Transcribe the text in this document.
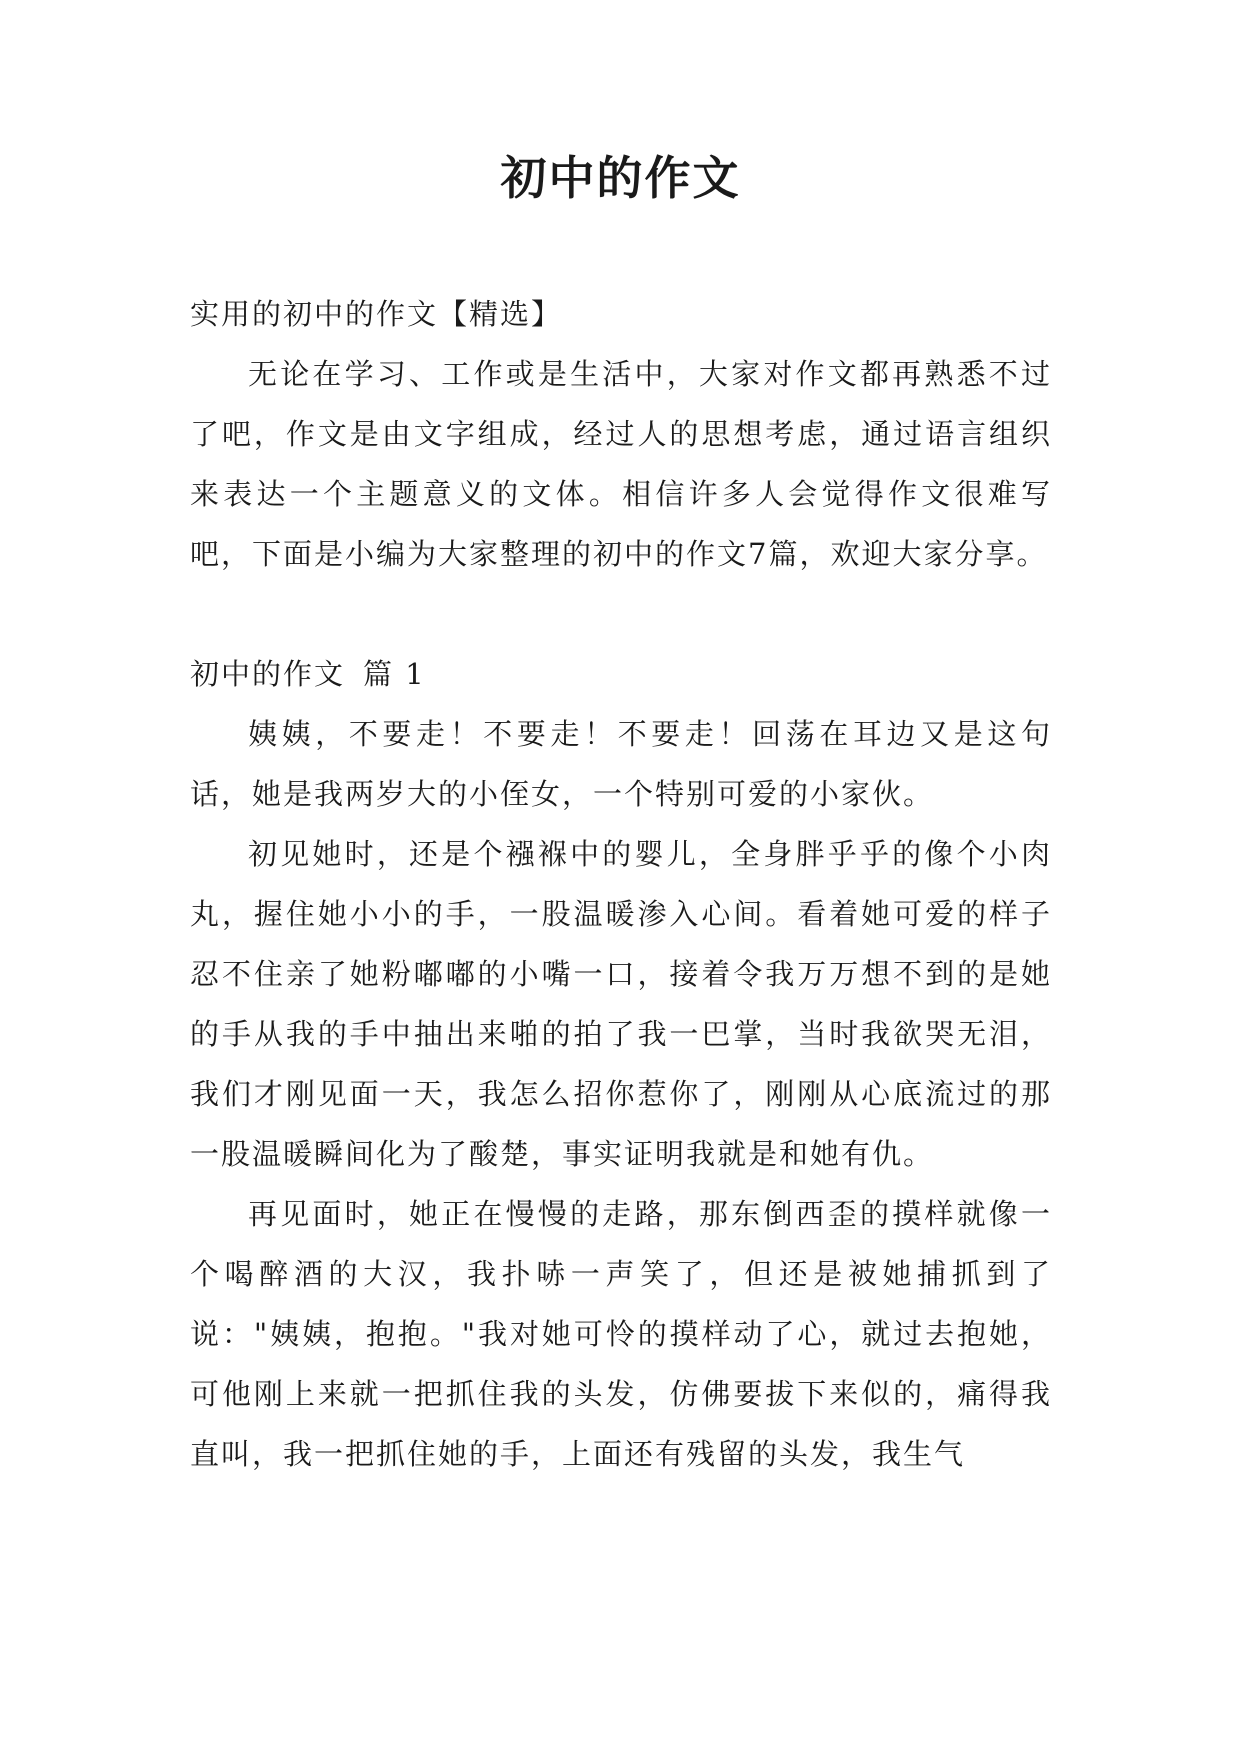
初中的作文

实用的初中的作文【精选】

无论在学习、工作或是生活中，大家对作文都再熟悉不过了吧，作文是由文字组成，经过人的思想考虑，通过语言组织来表达一个主题意义的文体。相信许多人会觉得作文很难写吧，下面是小编为大家整理的初中的作文7篇，欢迎大家分享。

初中的作文 篇 1

姨姨，不要走！不要走！不要走！回荡在耳边又是这句话，她是我两岁大的小侄女，一个特别可爱的小家伙。

初见她时，还是个襁褓中的婴儿，全身胖乎乎的像个小肉丸，握住她小小的手，一股温暖渗入心间。看着她可爱的样子忍不住亲了她粉嘟嘟的小嘴一口，接着令我万万想不到的是她的手从我的手中抽出来啪的拍了我一巴掌，当时我欲哭无泪，我们才刚见面一天，我怎么招你惹你了，刚刚从心底流过的那一股温暖瞬间化为了酸楚，事实证明我就是和她有仇。

再见面时，她正在慢慢的走路，那东倒西歪的摸样就像一个喝醉酒的大汉，我扑哧一声笑了，但还是被她捕抓到了说："姨姨，抱抱。"我对她可怜的摸样动了心，就过去抱她，可他刚上来就一把抓住我的头发，仿佛要拔下来似的，痛得我直叫，我一把抓住她的手，上面还有残留的头发，我生气
